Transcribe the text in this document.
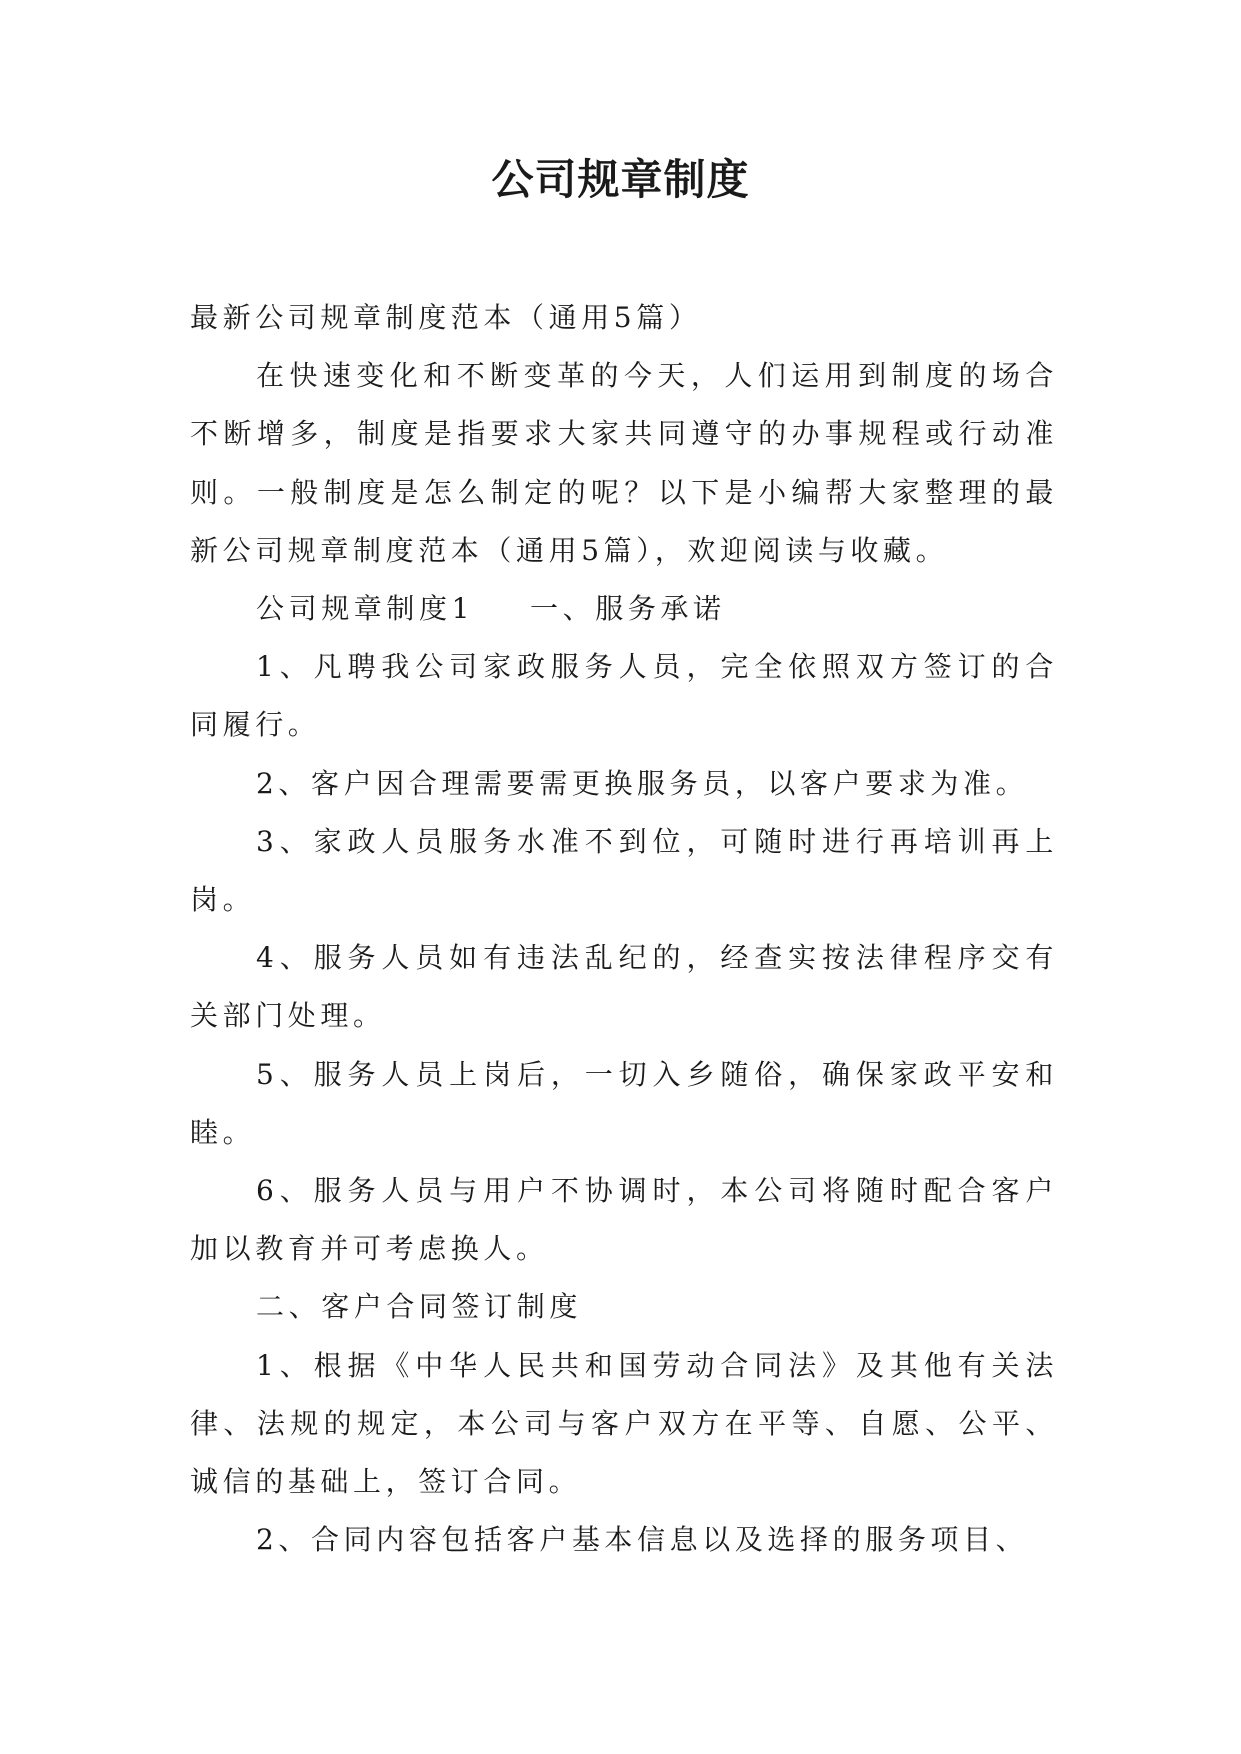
公司规章制度

最新公司规章制度范本（通用5篇）

在快速变化和不断变革的今天，人们运用到制度的场合不断增多，制度是指要求大家共同遵守的办事规程或行动准则。一般制度是怎么制定的呢？以下是小编帮大家整理的最新公司规章制度范本（通用5篇），欢迎阅读与收藏。

公司规章制度1 一、服务承诺

1、凡聘我公司家政服务人员，完全依照双方签订的合同履行。

2、客户因合理需要需更换服务员，以客户要求为准。

3、家政人员服务水准不到位，可随时进行再培训再上岗。

4、服务人员如有违法乱纪的，经查实按法律程序交有关部门处理。

5、服务人员上岗后，一切入乡随俗，确保家政平安和睦。

6、服务人员与用户不协调时，本公司将随时配合客户加以教育并可考虑换人。

二、客户合同签订制度

1、根据《中华人民共和国劳动合同法》及其他有关法律、法规的规定，本公司与客户双方在平等、自愿、公平、诚信的基础上，签订合同。

2、合同内容包括客户基本信息以及选择的服务项目、
